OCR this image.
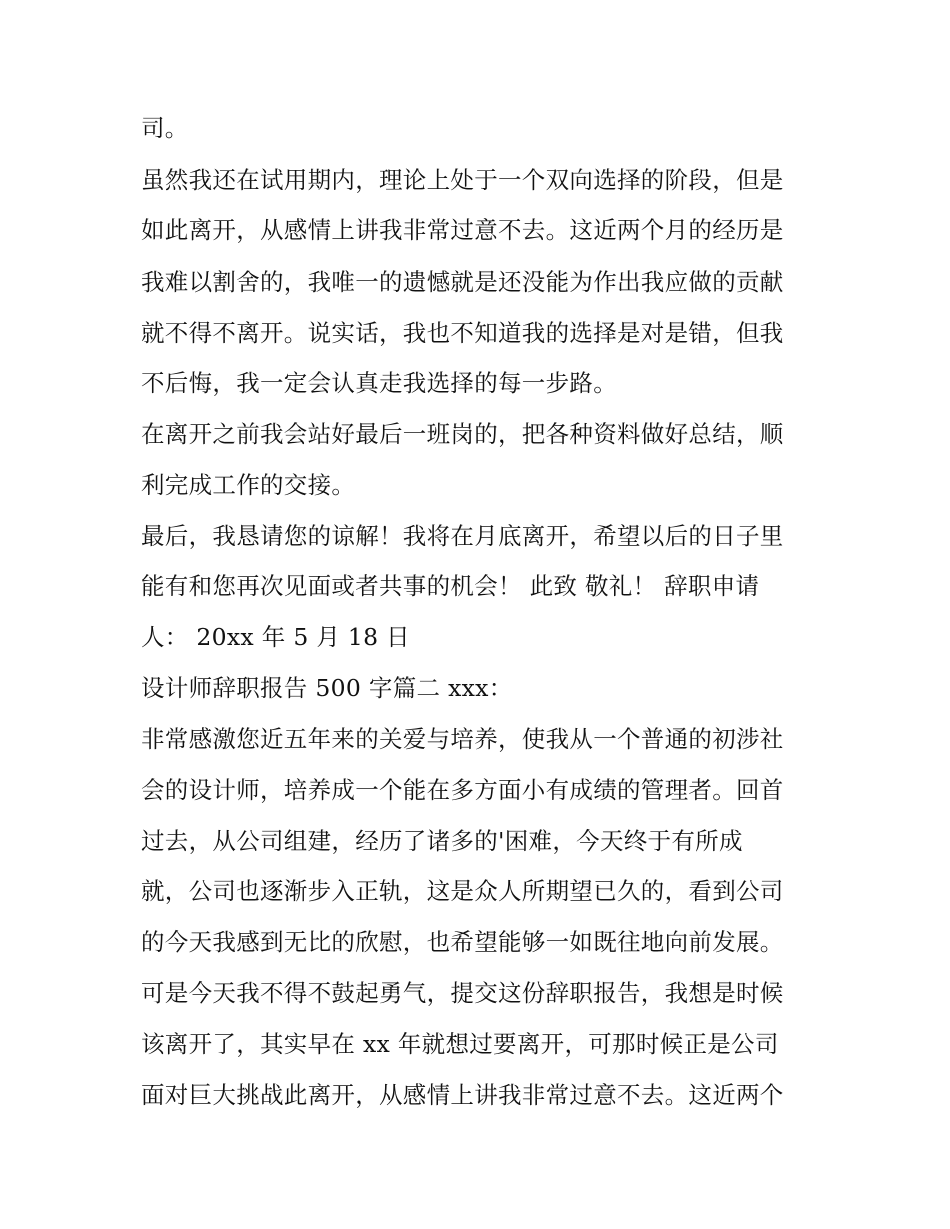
司。
虽然我还在试用期内，理论上处于一个双向选择的阶段，但是
如此离开，从感情上讲我非常过意不去。这近两个月的经历是
我难以割舍的，我唯一的遗憾就是还没能为作出我应做的贡献
就不得不离开。说实话，我也不知道我的选择是对是错，但我
不后悔，我一定会认真走我选择的每一步路。
在离开之前我会站好最后一班岗的，把各种资料做好总结，顺
利完成工作的交接。
最后，我恳请您的谅解！我将在月底离开，希望以后的日子里
能有和您再次见面或者共事的机会！ 此致 敬礼！ 辞职申请
人： 20xx 年 5 月 18 日
设计师辞职报告 500 字篇二 xxx：
非常感激您近五年来的关爱与培养，使我从一个普通的初涉社
会的设计师，培养成一个能在多方面小有成绩的管理者。回首
过去，从公司组建，经历了诸多的'困难，今天终于有所成
就，公司也逐渐步入正轨，这是众人所期望已久的，看到公司
的今天我感到无比的欣慰，也希望能够一如既往地向前发展。
可是今天我不得不鼓起勇气，提交这份辞职报告，我想是时候
该离开了，其实早在 xx 年就想过要离开，可那时候正是公司
面对巨大挑战此离开，从感情上讲我非常过意不去。这近两个
